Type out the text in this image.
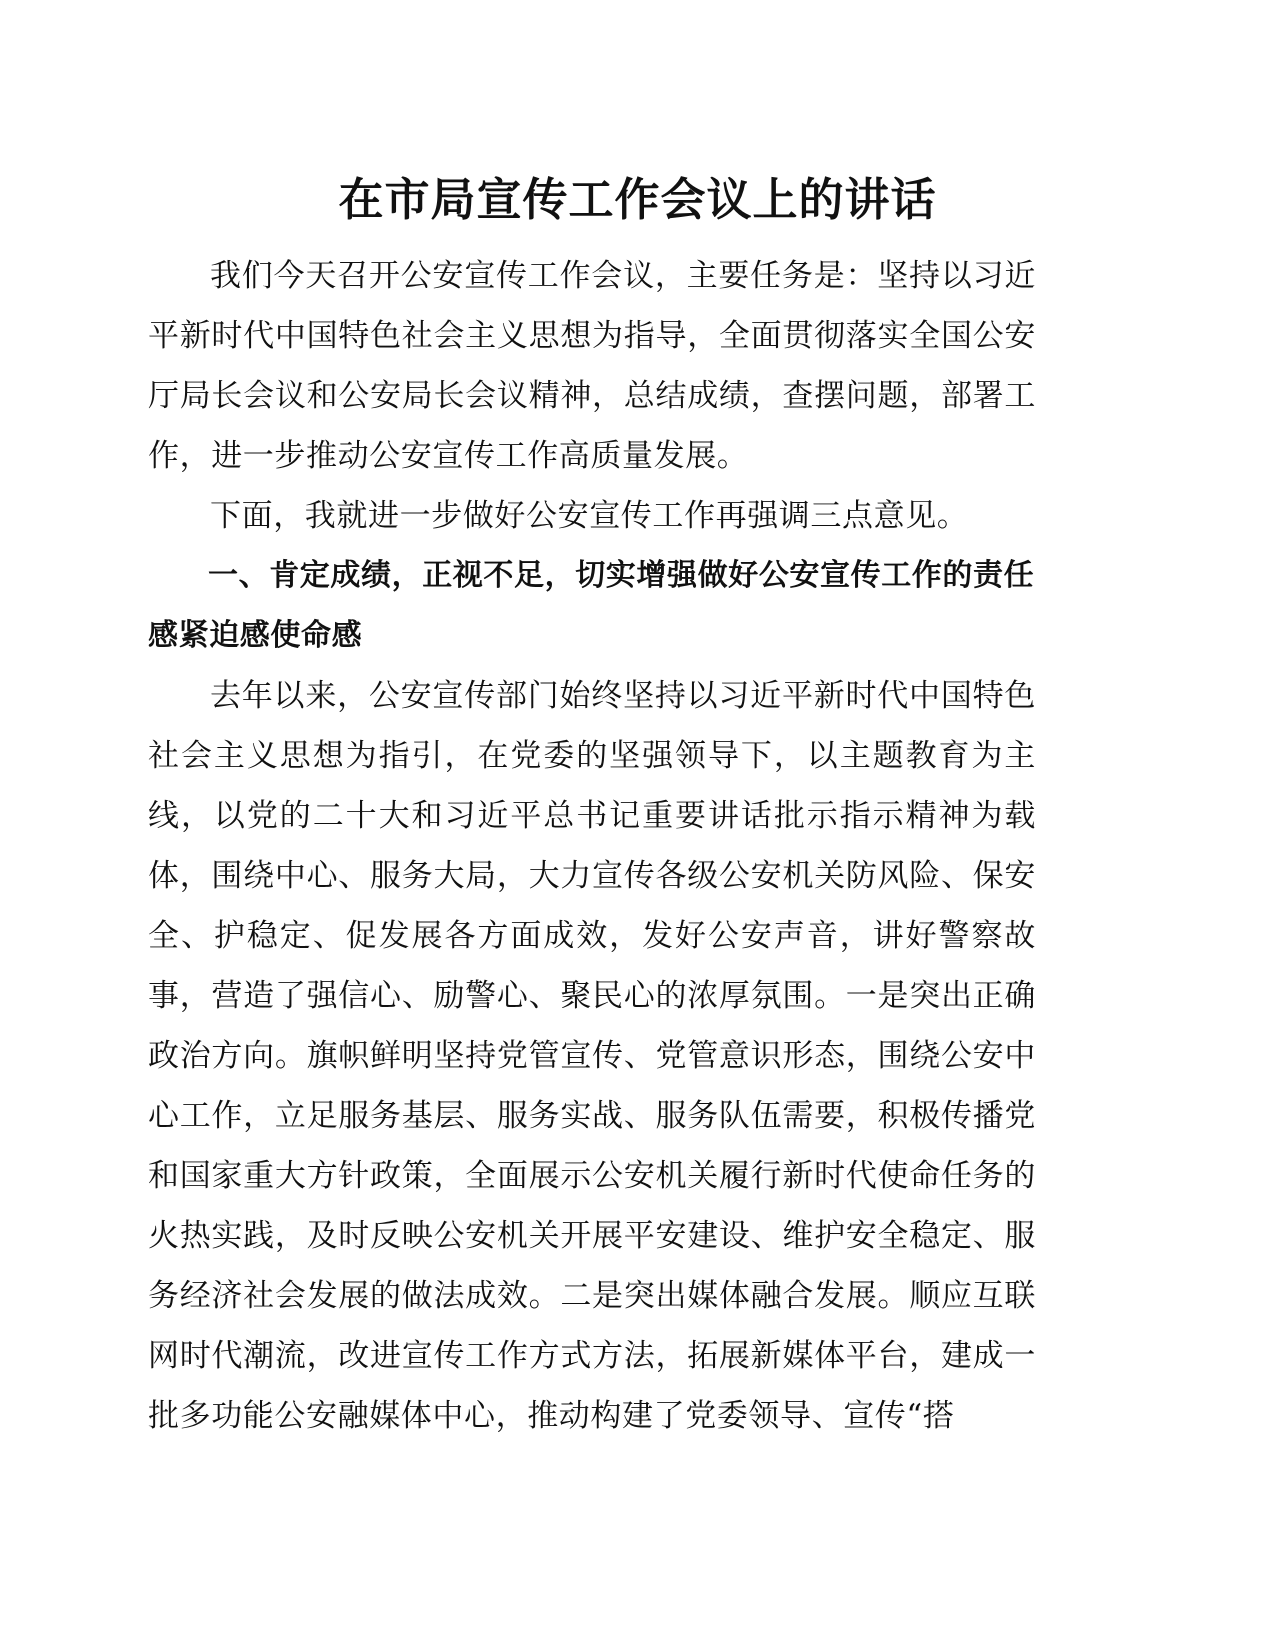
在市局宣传工作会议上的讲话

我们今天召开公安宣传工作会议，主要任务是：坚持以习近平新时代中国特色社会主义思想为指导，全面贯彻落实全国公安厅局长会议和公安局长会议精神，总结成绩，查摆问题，部署工作，进一步推动公安宣传工作高质量发展。

下面，我就进一步做好公安宣传工作再强调三点意见。

一、肯定成绩，正视不足，切实增强做好公安宣传工作的责任感紧迫感使命感

去年以来，公安宣传部门始终坚持以习近平新时代中国特色社会主义思想为指引，在党委的坚强领导下，以主题教育为主线，以党的二十大和习近平总书记重要讲话批示指示精神为载体，围绕中心、服务大局，大力宣传各级公安机关防风险、保安全、护稳定、促发展各方面成效，发好公安声音，讲好警察故事，营造了强信心、励警心、聚民心的浓厚氛围。一是突出正确政治方向。旗帜鲜明坚持党管宣传、党管意识形态，围绕公安中心工作，立足服务基层、服务实战、服务队伍需要，积极传播党和国家重大方针政策，全面展示公安机关履行新时代使命任务的火热实践，及时反映公安机关开展平安建设、维护安全稳定、服务经济社会发展的做法成效。二是突出媒体融合发展。顺应互联网时代潮流，改进宣传工作方式方法，拓展新媒体平台，建成一批多功能公安融媒体中心，推动构建了党委领导、宣传“搭
